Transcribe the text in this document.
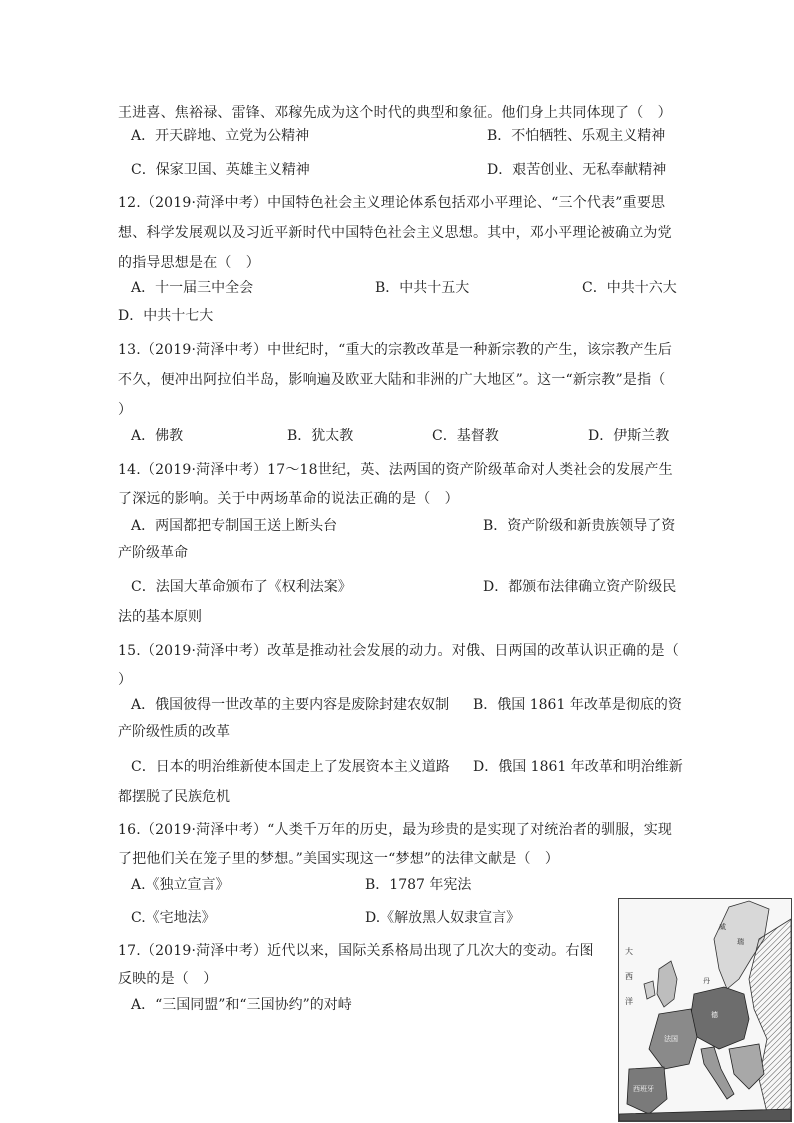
王进喜、焦裕禄、雷锋、邓稼先成为这个时代的典型和象征。他们身上共同体现了（　）
A．开天辟地、立党为公精神	B．不怕牺牲、乐观主义精神
C．保家卫国、英雄主义精神	D．艰苦创业、无私奉献精神
12.（2019·菏泽中考）中国特色社会主义理论体系包括邓小平理论、“三个代表”重要思
想、科学发展观以及习近平新时代中国特色社会主义思想。其中，邓小平理论被确立为党
的指导思想是在（　）
A．十一届三中全会	B．中共十五大	C．中共十六大
D．中共十七大
13.（2019·菏泽中考）中世纪时，“重大的宗教改革是一种新宗教的产生，该宗教产生后
不久，便冲出阿拉伯半岛，影响遍及欧亚大陆和非洲的广大地区”。这一“新宗教”是指（
）
A．佛教	B．犹太教	C．基督教	D．伊斯兰教
14.（2019·菏泽中考）17～18世纪，英、法两国的资产阶级革命对人类社会的发展产生
了深远的影响。关于中两场革命的说法正确的是（　）
A．两国都把专制国王送上断头台	B．资产阶级和新贵族领导了资
产阶级革命
C．法国大革命颁布了《权利法案》	D．都颁布法律确立资产阶级民
法的基本原则
15.（2019·菏泽中考）改革是推动社会发展的动力。对俄、日两国的改革认识正确的是（
）
A．俄国彼得一世改革的主要内容是废除封建农奴制 B．俄国 1861 年改革是彻底的资
产阶级性质的改革
C．日本的明治维新使本国走上了发展资本主义道路 D．俄国 1861 年改革和明治维新
都摆脱了民族危机
16.（2019·菏泽中考）“人类千万年的历史，最为珍贵的是实现了对统治者的驯服，实现
了把他们关在笼子里的梦想。”美国实现这一“梦想”的法律文献是（　）
A.《独立宣言》	B．1787 年宪法
C.《宅地法》	D.《解放黑人奴隶宣言》
17.（2019·菏泽中考）近代以来，国际关系格局出现了几次大的变动。右图
反映的是（　）
A．“三国同盟”和“三国协约”的对峙
大
西
洋
瑞
威
法国
西班牙
丹
德
